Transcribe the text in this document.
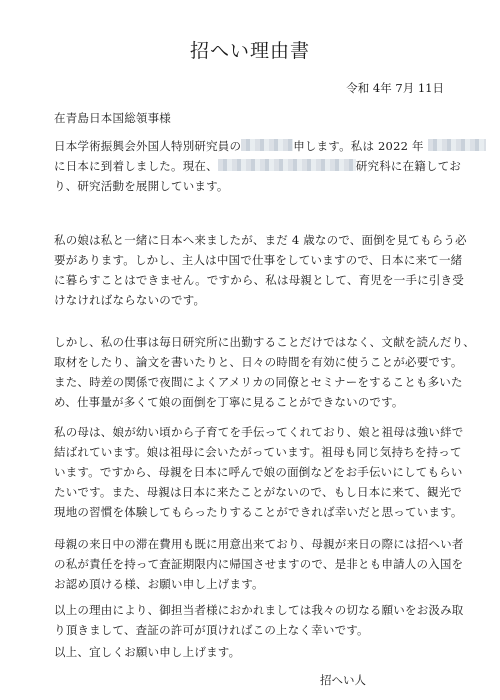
招へい理由書
令和 4年 7月 11日
在青島日本国総領事様
日本学術振興会外国人特別研究員の	申します。私は 2022 年
に日本に到着しました。現在、	研究科に在籍してお
り、研究活動を展開しています。
私の娘は私と一緒に日本へ来ましたが、まだ 4 歳なので、面倒を見てもらう必
要があります。しかし、主人は中国で仕事をしていますので、日本に来て一緒
に暮らすことはできません。ですから、私は母親として、育児を一手に引き受
けなければならないのです。
しかし、私の仕事は毎日研究所に出勤することだけではなく、文献を読んだり、
取材をしたり、論文を書いたりと、日々の時間を有効に使うことが必要です。
また、時差の関係で夜間によくアメリカの同僚とセミナーをすることも多いた
め、仕事量が多くて娘の面倒を丁寧に見ることができないのです。
私の母は、娘が幼い頃から子育てを手伝ってくれており、娘と祖母は強い絆で
結ばれています。娘は祖母に会いたがっています。祖母も同じ気持ちを持って
います。ですから、母親を日本に呼んで娘の面倒などをお手伝いにしてもらい
たいです。また、母親は日本に来たことがないので、もし日本に来て、観光で
現地の習慣を体験してもらったりすることができれば幸いだと思っています。
母親の来日中の滞在費用も既に用意出来ており、母親が来日の際には招へい者
の私が責任を持って査証期限内に帰国させますので、是非とも申請人の入国を
お認め頂ける様、お願い申し上げます。
以上の理由により、御担当者様におかれましては我々の切なる願いをお汲み取
り頂きまして、査証の許可が頂ければこの上なく幸いです。
以上、宜しくお願い申し上げます。
招へい人
